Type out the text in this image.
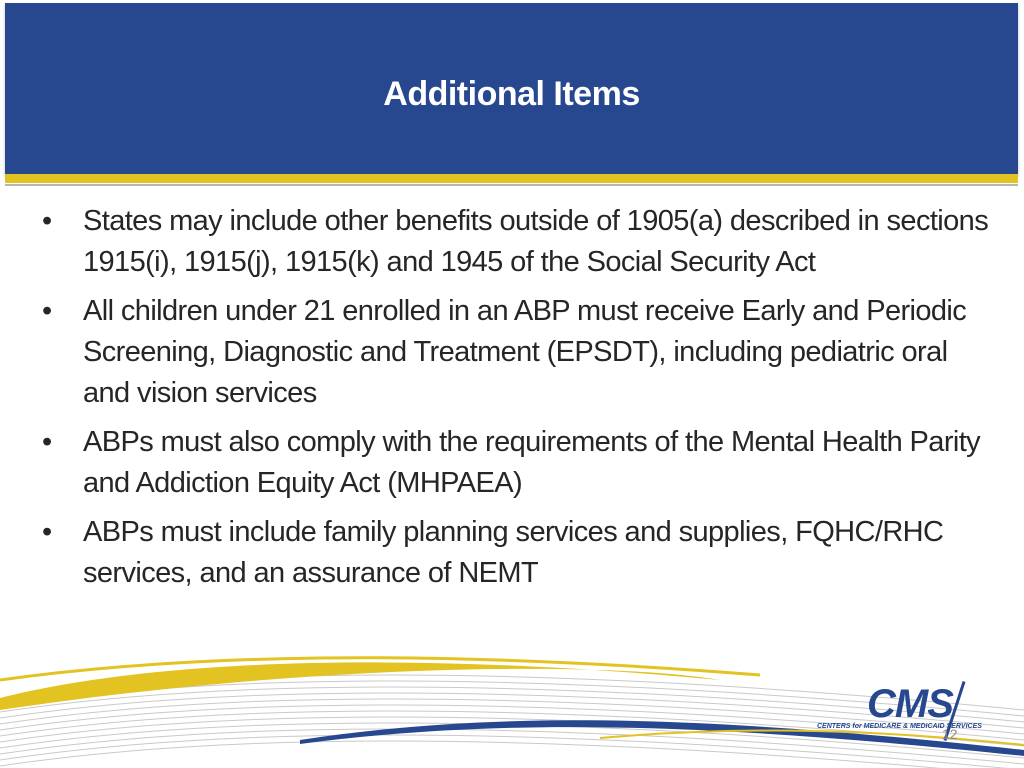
Additional Items
•	States may include other benefits outside of 1905(a) described in sections 1915(i), 1915(j), 1915(k) and 1945 of the Social Security Act
•	All children under 21 enrolled in an ABP must receive Early and Periodic Screening, Diagnostic and Treatment (EPSDT), including pediatric oral and vision services
•	ABPs must also comply with the requirements of the Mental Health Parity and Addiction Equity Act (MHPAEA)
•	ABPs must include family planning services and supplies, FQHC/RHC services, and an assurance of NEMT
CMS
CENTERS for MEDICARE & MEDICAID SERVICES
12
